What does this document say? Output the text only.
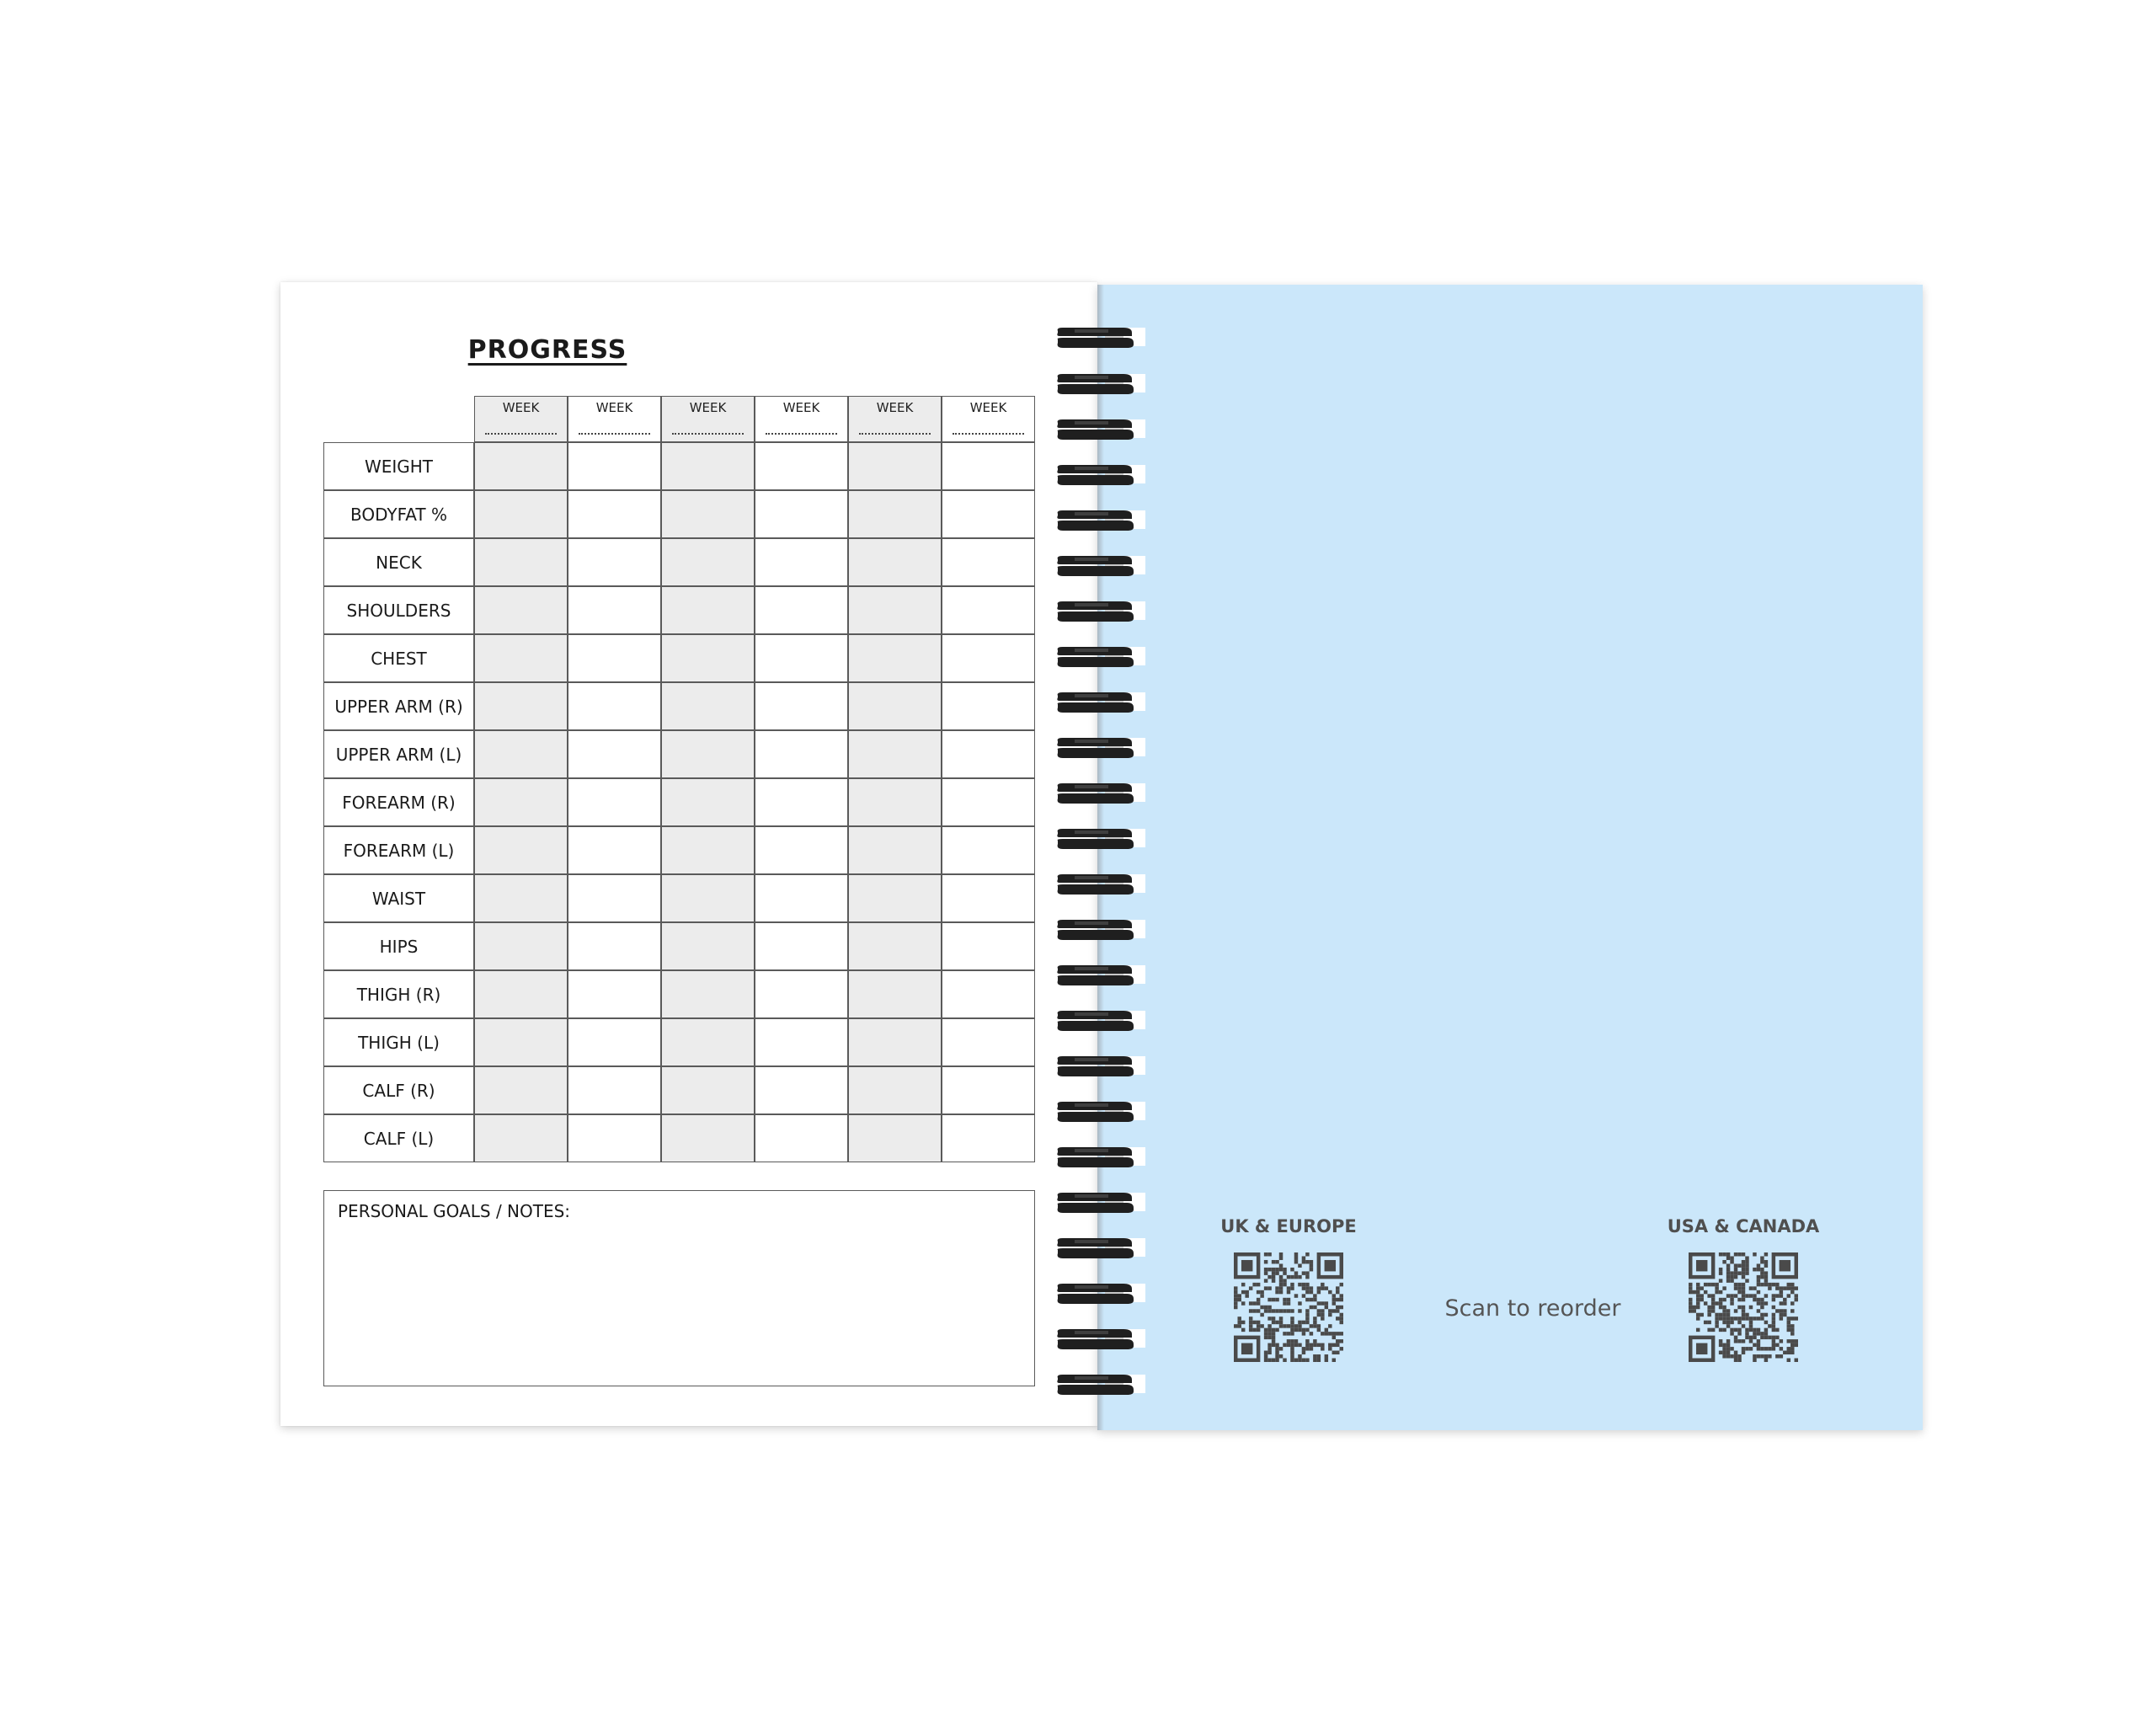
PROGRESS
WEEK	WEEK	WEEK	WEEK	WEEK	WEEK
WEIGHT
BODYFAT %
NECK
SHOULDERS
CHEST
UPPER ARM (R)
UPPER ARM (L)
FOREARM (R)
FOREARM (L)
WAIST
HIPS
THIGH (R)
THIGH (L)
CALF (R)
CALF (L)
PERSONAL GOALS / NOTES:
UK & EUROPE	USA & CANADA
Scan to reorder
